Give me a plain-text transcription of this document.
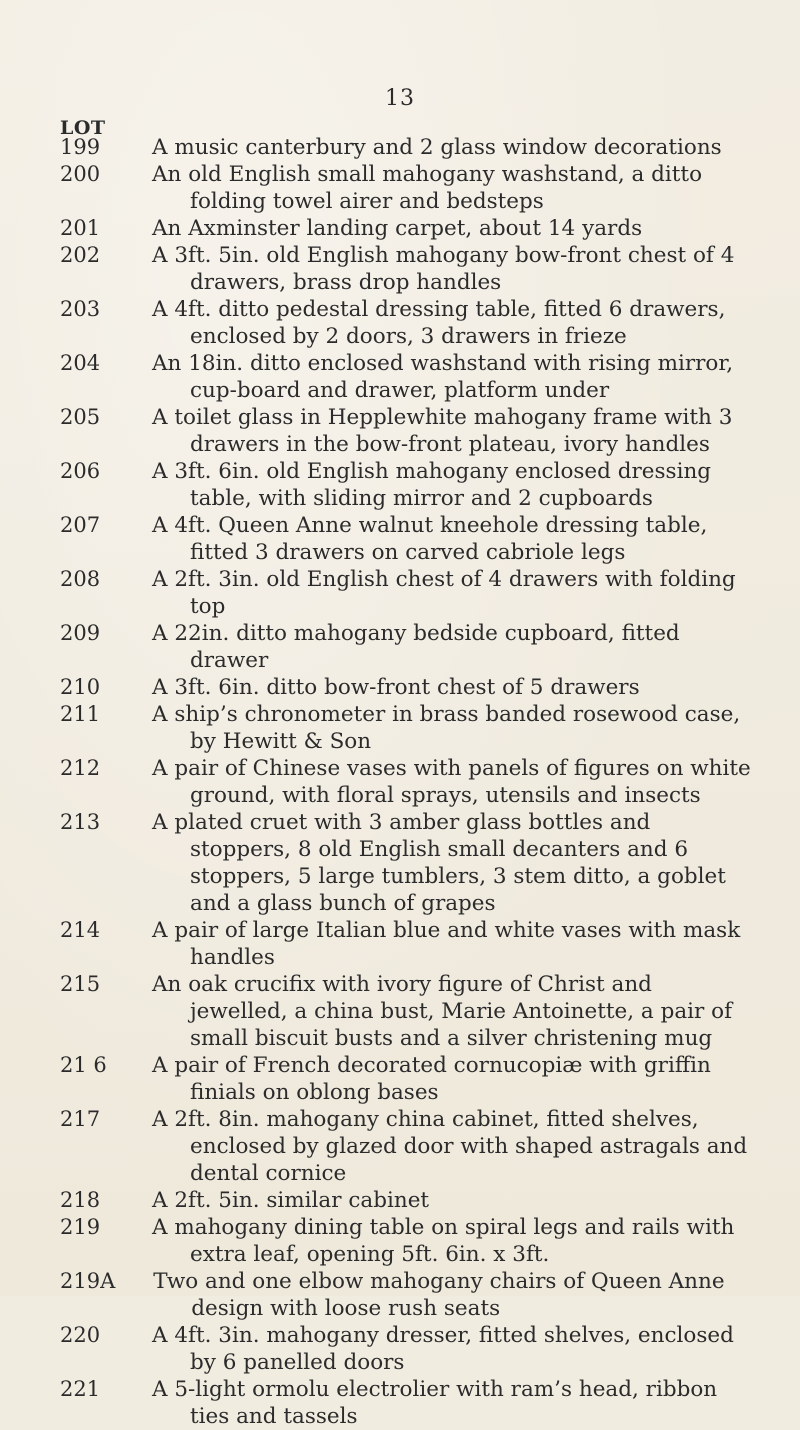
13
LOT
199	A music canterbury and 2 glass window decorations
200	An old English small mahogany washstand, a ditto folding towel airer and bedsteps
201	An Axminster landing carpet, about 14 yards
202	A 3ft. 5in. old English mahogany bow-front chest of 4 drawers, brass drop handles
203	A 4ft. ditto pedestal dressing table, fitted 6 drawers, enclosed by 2 doors, 3 drawers in frieze
204	An 18in. ditto enclosed washstand with rising mirror, cup-board and drawer, platform under
205	A toilet glass in Hepplewhite mahogany frame with 3 drawers in the bow-front plateau, ivory handles
206	A 3ft. 6in. old English mahogany enclosed dressing table, with sliding mirror and 2 cupboards
207	A 4ft. Queen Anne walnut kneehole dressing table, fitted 3 drawers on carved cabriole legs
208	A 2ft. 3in. old English chest of 4 drawers with folding top
209	A 22in. ditto mahogany bedside cupboard, fitted drawer
210	A 3ft. 6in. ditto bow-front chest of 5 drawers
211	A ship’s chronometer in brass banded rosewood case, by Hewitt & Son
212	A pair of Chinese vases with panels of figures on white ground, with floral sprays, utensils and insects
213	A plated cruet with 3 amber glass bottles and stoppers, 8 old English small decanters and 6 stoppers, 5 large tumblers, 3 stem ditto, a goblet and a glass bunch of grapes
214	A pair of large Italian blue and white vases with mask handles
215	An oak crucifix with ivory figure of Christ and jewelled, a china bust, Marie Antoinette, a pair of small biscuit busts and a silver christening mug
21 6	A pair of French decorated cornucopiæ with griffin finials on oblong bases
217	A 2ft. 8in. mahogany china cabinet, fitted shelves, enclosed by glazed door with shaped astragals and dental cornice
218	A 2ft. 5in. similar cabinet
219	A mahogany dining table on spiral legs and rails with extra leaf, opening 5ft. 6in. x 3ft.
219A Two and one elbow mahogany chairs of Queen Anne design with loose rush seats
220	A 4ft. 3in. mahogany dresser, fitted shelves, enclosed by 6 panelled doors
221	A 5-light ormolu electrolier with ram’s head, ribbon ties and tassels
